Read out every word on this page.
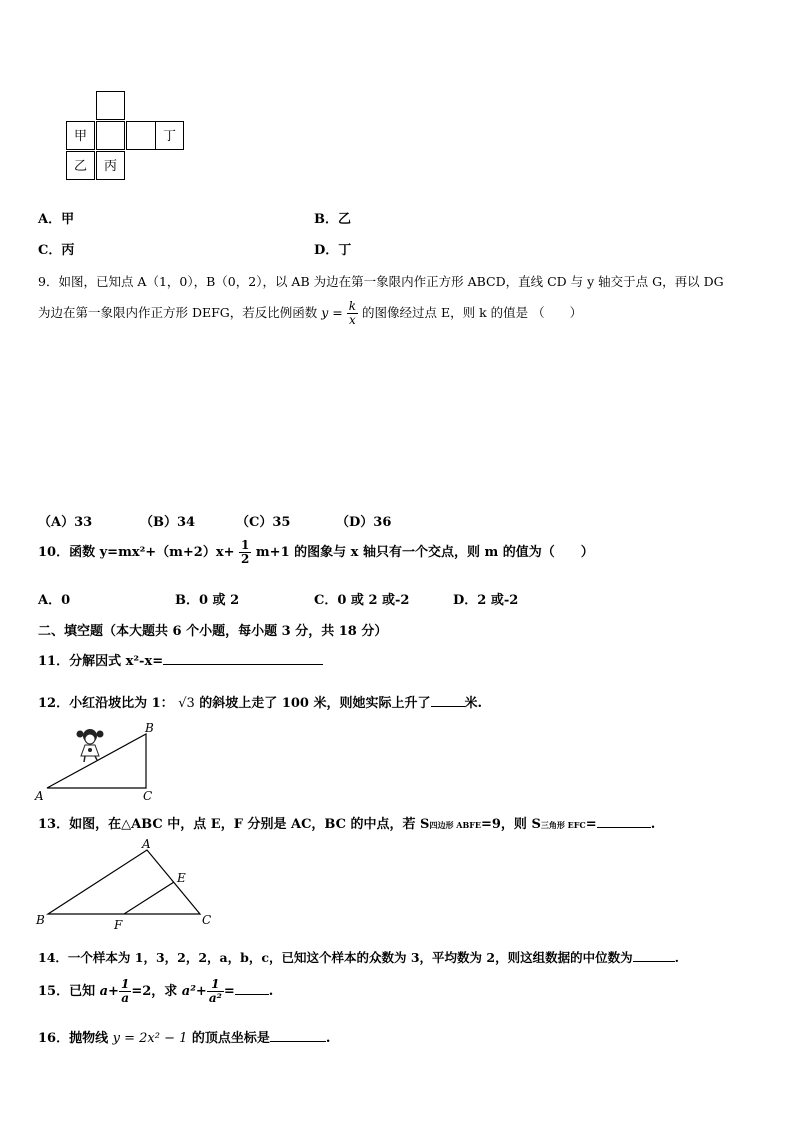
甲	丁
乙	丙
A．甲	B．乙
C．丙	D．丁
9．如图，已知点 A（1，0），B（0，2），以 AB 为边在第一象限内作正方形 ABCD，直线 CD 与 y 轴交于点 G，再以 DG
为边在第一象限内作正方形 DEFG，若反比例函数 $y = \frac{k}{x}$ 的图像经过点 E，则 k 的值是 （　　）
（A）33	（B）34	（C）35	（D）36
10．函数 $y=mx^2+(m+2)x+ \frac{1}{2} m+1$ 的图象与 x 轴只有一个交点，则 m 的值为（　　）
A．0	B．0 或 2	C．0 或 2 或-2	D．2 或-2
二、填空题（本大题共 6 个小题，每小题 3 分，共 18 分）
11．分解因式 x²-x=
12．小红沿坡比为 1： √3 的斜坡上走了 100 米，则她实际上升了	米.
A
B
C
13．如图，在△ABC 中，点 E，F 分别是 AC，BC 的中点，若 S四边形 ABFE=9，则 S三角形 EFC=	.
A
B	C
E
F
14．一个样本为 1，3，2，2，a，b，c，已知这个样本的众数为 3，平均数为 2，则这组数据的中位数为	.
15．已知 $a+ \frac{1}{a} =2$，求 $a^2+ \frac{1}{\text{a²}}$ =	.
16．抛物线 y = 2x² − 1 的顶点坐标是	.
